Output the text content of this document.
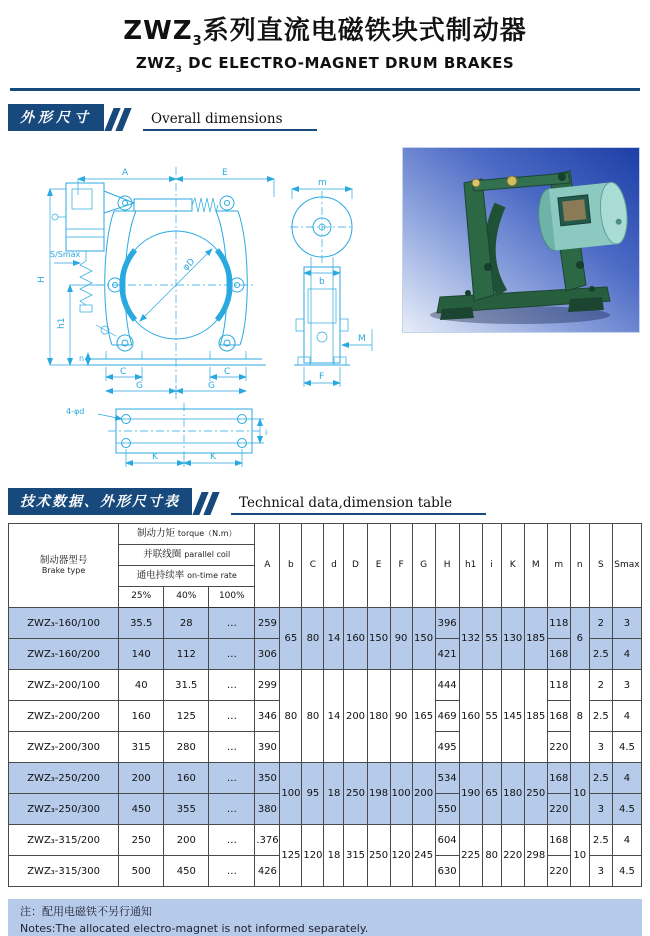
$ZWZ_3$系列直流电磁铁块式制动器
$ZWZ_3$ DC ELECTRO-MAGNET DRUM BRAKES
外形尺寸	Overall dimensions
A	E
H
S/Smax
h1
n
φD
C	C
G	G
m
b
M
F
4-φd
i
K	K
技术数据、外形尺寸表	Technical data,dimension table
制动器型号
Brake type	制动力矩 torque（N.m）			A	b	C	d	D	E	F	G	H	h1	i	K	M	m	n	S	Smax
	并联线圈 parallel coil																			
	通电持续率 on-time rate																			
	25%	40%	100%																	
ZWZ₃-160/100	35.5	28	…	259	65	80	14	160	150	90	150	396	132	55	130	185	118	6	2	3
ZWZ₃-160/200	140	112	…	306								421					168		2.5	4
ZWZ₃-200/100	40	31.5	…	299	80	80	14	200	180	90	165	444	160	55	145	185	118	8	2	3
ZWZ₃-200/200	160	125	…	346								469					168		2.5	4
ZWZ₃-200/300	315	280	…	390								495					220		3	4.5
ZWZ₃-250/200	200	160	…	350	100	95	18	250	198	100	200	534	190	65	180	250	168	10	2.5	4
ZWZ₃-250/300	450	355	…	380								550					220		3	4.5
ZWZ₃-315/200	250	200	…	.376	125	120	18	315	250	120	245	604	225	80	220	298	168	10	2.5	4
ZWZ₃-315/300	500	450	…	426								630					220		3	4.5
注：配用电磁铁不另行通知
Notes:The allocated electro-magnet is not informed separately.
